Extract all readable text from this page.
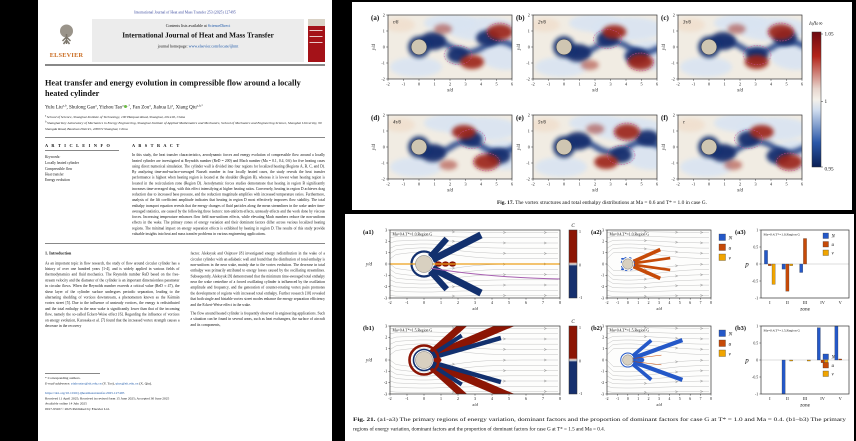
International Journal of Heat and Mass Transfer 253 (2025) 127495
ELSEVIER
Contents lists available at ScienceDirect
International Journal of Heat and Mass Transfer
journal homepage: www.elsevier.com/locate/ijhmt
Heat transfer and energy evolution in compressible flow around a locally heated cylinder
Yulu Liu$^{a,b}$, Shulong Gao$^a$, Yizhou Tao$^a$ ,*, Fan Zou$^a$, Jiahua Li$^a$, Xiang Qiu$^{a,b,*}$
$^a$ School of Science, Shanghai Institute of Technology, 100 Haiquan Road, Shanghai, 201418, China
$^b$ Shanghai Key Laboratory of Mechanics in Energy Engineering, Shanghai Institute of Applied Mathematics and Mechanics, School of Mechanics and Engineering Science, Shanghai University, 99 Shangda Road, Baoshan District, 200072 Shanghai, China
A R T I C L E I N F O
Keywords:
Locally heated cylinder
Compressible flow
Heat transfer
Energy evolution
A B S T R A C T
In this study, the heat transfer characteristics, aerodynamic forces and energy evolution of compressible flow around a locally heated cylinder are investigated at Reynolds number (ReD = 200) and Mach number (Ma = 0.1, 0.4, 0.6) for five heating cases using direct numerical simulation. The cylinder wall is divided into four regions for localized heating (Regions A, B, C, and D). By analyzing time-and-surface-averaged Nusselt number in four locally heated cases, the study reveals the heat transfer performance is highest when heating region is located at the shoulder (Region B), whereas it is lowest when heating region is located in the recirculation zone (Region D). Aerodynamic forces studies demonstrate that heating in region B significantly increases time-averaged drag, with this effect intensifying at higher heating ratios. Conversely, heating in region D achieves drag reduction due to increased base pressure, and the reduction magnitude amplifies with increased temperature ratios. Furthermore, analysis of the lift coefficient amplitude indicates that heating in region D most effectively improves flow stability. The total enthalpy transport equation reveals that the energy changes of fluid particles along the mean streamlines in the wake under time-averaged statistics, are caused by the following three factors: non-uniform effects, unsteady effects and the work done by viscous forces. Increasing temperature enhances flow field non-uniform effects, while elevating Mach numbers reduce the non-uniform effects in the wake. The primary zones of energy variation and their dominant factors differ across various localized heating regions. The minimal impact on energy separation effects is exhibited by heating in region D. The results of this study provide valuable insights into heat and mass transfer problems in various engineering applications.
1. Introduction

As an important topic in flow research, the study of flow around circular cylinder has a history of over one hundred years [1-4], and is widely applied in various fields of thermodynamics and fluid mechanics. The Reynolds number ReD based on the free-stream velocity and the diameter of the cylinder is an important dimensionless parameter in circular flows. When the Reynolds number exceeds a critical value (ReD ≈ 47), the shear layer of the cylinder surface undergoes periodic separation, leading to the alternating shedding of vortices downstream, a phenomenon known as the Kármán vortex street [5]. Due to the influence of unsteady vortices, the energy is redistributed and the total enthalpy in the near wake is significantly lower than that of the incoming flow, namely the so-called Eckert-Weise effect [6]. Regarding the influence of vortices on energy evolution, Kurosaka et al. [7] found that the increased vortex strength causes a decrease in the recovery

factor. Aleksyuk and Osiptsov [8] investigated energy redistribution in the wake of a circular cylinder with an adiabatic wall and found that the distribution of total enthalpy is non-uniform in the near wake, mainly due to the vortex evolution. The decrease in total enthalpy was primarily attributed to energy losses caused by the oscillating streamlines. Subsequently, Aleksyuk [9] demonstrated that the minimum time-averaged total enthalpy near the wake centerline of a forced oscillating cylinder is influenced by the oscillation amplitude and frequency, and the generation of counter-rotating vortex pairs promotes the development of regions with increased total enthalpy. Further research [10] revealed that both single and bistable vortex street modes enhance the energy separation efficiency and the Eckert-Weise effect in the wake.

The flow around heated cylinder is frequently observed in engineering applications. Such a situation can be found in several areas, such as heat exchangers, the surface of aircraft and its components,

* Corresponding authors.
E-mail addresses: yizhoutao@sit.edu.cn (Y. Tao), qiux@sit.edu.cn (X. Qiu).
https://doi.org/10.1016/j.ijheatmasstransfer.2025.127495
Received 11 April 2025; Received in revised form 15 June 2025; Accepted 30 June 2025
Available online 14 July 2025
0017-9310/© 2025 Published by Elsevier Ltd.
-2	-1	0	1	2	3	4	5	6
2
1
0
-1
-2
x/d
y/d
(a)
τ/6
-2	-1	0	1	2	3	4	5	6
2
1
0
-1
-2
x/d
y/d
(b)
2τ/6
-2	-1	0	1	2	3	4	5	6
2
1
0
-1
-2
x/d
y/d
(c)
3τ/6
-2	-1	0	1	2	3	4	5	6
2
1
0
-1
-2
x/d
y/d
(d)
4τ/6
-2	-1	0	1	2	3	4	5	6
2
1
0
-1
-2
x/d
y/d
(e)
5τ/6
-2	-1	0	1	2	3	4	5	6
2
1
0
-1
-2
x/d
y/d
(f)
τ
i₀/i₀∞
1.05
1
0.95
Fig. 17. The vortex structures and total enthalpy distributions at Ma = 0.6 and T* = 1.0 in case G.
-2	-1	0	1	2	3	4	5	6	7	8
3
2
1
0
-1
-2
-3
x/d
y/d
Ma=0.4,T*=1.0,Region G
(a1)
C
1
0
-1
-2 -1 0 1 2 3 4 5 6 7 8
3
2
1
0
-1
-2
-3
x/d
Ma=0.4,T*=1.0,Region G
(a2)
N
u
v
1
0.5
0
-0.5
-1
I	II	III	IV	V
zone
p
Ma=0.4,T*=1.0,Region G	N
u
v
(a3)
-2	-1	0	1	2	3	4	5	6	7	8
3
2
1
0
-1
-2
-3
x/d
y/d
Ma=0.4,T*=1.5,Region G
(b1)
C
1
0
-1
-2 -1 0 1 2 3 4 5 6 7 8
3
2
1
0
-1
-2
-3
x/d
Ma=0.4,T*=1.5,Region G
(b2)
N
u
v
1
0.5
0
-0.5
-1
I	II	III	IV	V
zone
p
Ma=0.4,T*=1.5,Region G
N
u
v
(b3)
Fig. 21. (a1-a3) The primary regions of energy variation, dominant factors and the proportion of dominant factors for case G at T* = 1.0 and Ma = 0.4. (b1–b3) The primary
regions of energy variation, dominant factors and the proportion of dominant factors for case G at T* = 1.5 and Ma = 0.4.
